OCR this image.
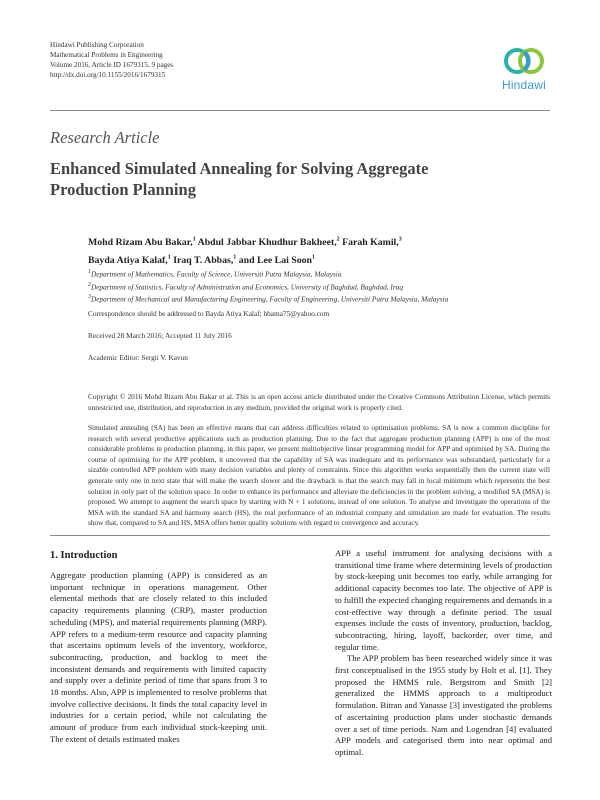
Hindawi Publishing Corporation
Mathematical Problems in Engineering
Volume 2016, Article ID 1679315, 9 pages
http://dx.doi.org/10.1155/2016/1679315
Hindawi
Research Article
Enhanced Simulated Annealing for Solving Aggregate Production Planning
Mohd Rizam Abu Bakar,$^1$ Abdul Jabbar Khudhur Bakheet,$^2$ Farah Kamil,$^3$
Bayda Atiya Kalaf,$^1$ Iraq T. Abbas,$^1$ and Lee Lai Soon$^1$
$^1$Department of Mathematics, Faculty of Science, Universiti Putra Malaysia, Malaysia
$^2$Department of Statistics, Faculty of Administration and Economics, University of Baghdad, Baghdad, Iraq
$^3$Department of Mechanical and Manufacturing Engineering, Faculty of Engineering, Universiti Putra Malaysia, Malaysia
Correspondence should be addressed to Bayda Atiya Kalaf; hbama75@yahoo.com
Received 28 March 2016; Accepted 11 July 2016
Academic Editor: Sergii V. Kavun
Copyright © 2016 Mohd Rizam Abu Bakar et al. This is an open access article distributed under the Creative Commons Attribution License, which permits unrestricted use, distribution, and reproduction in any medium, provided the original work is properly cited.
Simulated annealing (SA) has been an effective means that can address difficulties related to optimisation problems. SA is now a common discipline for research with several productive applications such as production planning. Due to the fact that aggregate production planning (APP) is one of the most considerable problems in production planning, in this paper, we present multiobjective linear programming model for APP and optimised by SA. During the course of optimising for the APP problem, it uncovered that the capability of SA was inadequate and its performance was substandard, particularly for a sizable controlled APP problem with many decision variables and plenty of constraints. Since this algorithm works sequentially then the current state will generate only one in next state that will make the search slower and the drawback is that the search may fall in local minimum which represents the best solution in only part of the solution space. In order to enhance its performance and alleviate the deficiencies in the problem solving, a modified SA (MSA) is proposed. We attempt to augment the search space by starting with N + 1 solutions, instead of one solution. To analyse and investigate the operations of the MSA with the standard SA and harmony search (HS), the real performance of an industrial company and simulation are made for evaluation. The results show that, compared to SA and HS, MSA offers better quality solutions with regard to convergence and accuracy.
1. Introduction

Aggregate production planning (APP) is considered as an important technique in operations management. Other elemental methods that are closely related to this included capacity requirements planning (CRP), master production scheduling (MPS), and material requirements planning (MRP). APP refers to a medium-term resource and capacity planning that ascertains optimum levels of the inventory, workforce, subcontracting, production, and backlog to meet the inconsistent demands and requirements with limited capacity and supply over a definite period of time that spans from 3 to 18 months. Also, APP is implemented to resolve problems that involve collective decisions. It finds the total capacity level in industries for a certain period, while not calculating the amount of produce from each individual stock-keeping unit. The extent of details estimated makes

APP a useful instrument for analysing decisions with a transitional time frame where determining levels of production by stock-keeping unit becomes too early, while arranging for additional capacity becomes too late. The objective of APP is to fulfill the expected changing requirements and demands in a cost-effective way through a definite period. The usual expenses include the costs of inventory, production, backlog, subcontracting, hiring, layoff, backorder, over time, and regular time.

The APP problem has been researched widely since it was first conceptualised in the 1955 study by Holt et al. [1]. They proposed the HMMS rule. Bergstrom and Smith [2] generalized the HMMS approach to a multiproduct formulation. Bitran and Yanasse [3] investigated the problems of ascertaining production plans under stochastic demands over a set of time periods. Nam and Logendran [4] evaluated APP models and categorised them into near optimal and optimal.
